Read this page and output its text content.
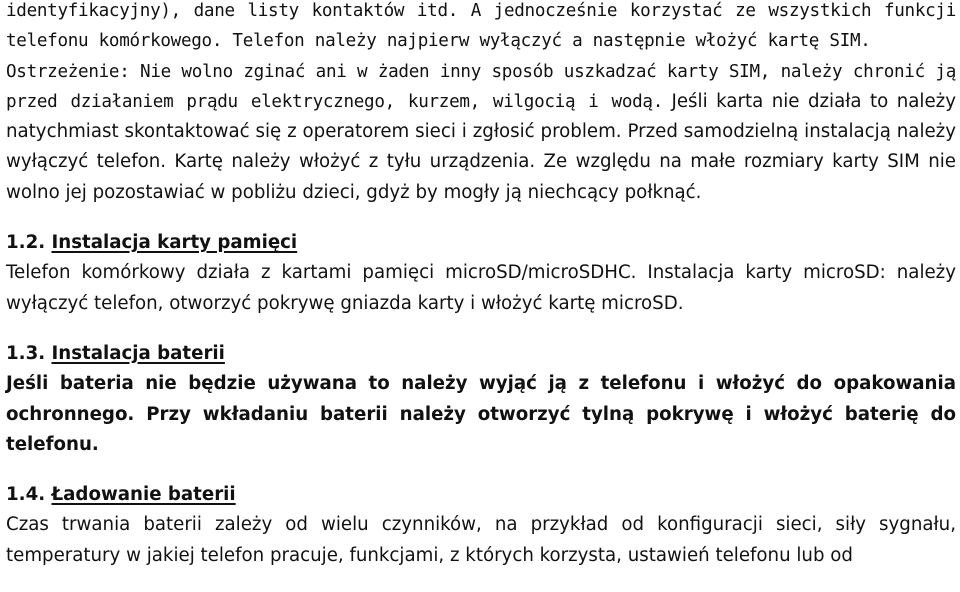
identyfikacyjny), dane listy kontaktów itd. A jednocześnie korzystać ze wszystkich funkcji telefonu komórkowego. Telefon należy najpierw wyłączyć a następnie włożyć kartę SIM.

Ostrzeżenie: Nie wolno zginać ani w żaden inny sposób uszkadzać karty SIM, należy chronić ją przed działaniem prądu elektrycznego, kurzem, wilgocią i wodą. Jeśli karta nie działa to należy natychmiast skontaktować się z operatorem sieci i zgłosić problem. Przed samodzielną instalacją należy wyłączyć telefon. Kartę należy włożyć z tyłu urządzenia. Ze względu na małe rozmiary karty SIM nie wolno jej pozostawiać w pobliżu dzieci, gdyż by mogły ją niechcący połknąć.

1.2. Instalacja karty pamięci

Telefon komórkowy działa z kartami pamięci microSD/microSDHC. Instalacja karty microSD: należy wyłączyć telefon, otworzyć pokrywę gniazda karty i włożyć kartę microSD.

1.3. Instalacja baterii

Jeśli bateria nie będzie używana to należy wyjąć ją z telefonu i włożyć do opakowania ochronnego. Przy wkładaniu baterii należy otworzyć tylną pokrywę i włożyć baterię do telefonu.

1.4. Ładowanie baterii

Czas trwania baterii zależy od wielu czynników, na przykład od konfiguracji sieci, siły sygnału, temperatury w jakiej telefon pracuje, funkcjami, z których korzysta, ustawień telefonu lub od
